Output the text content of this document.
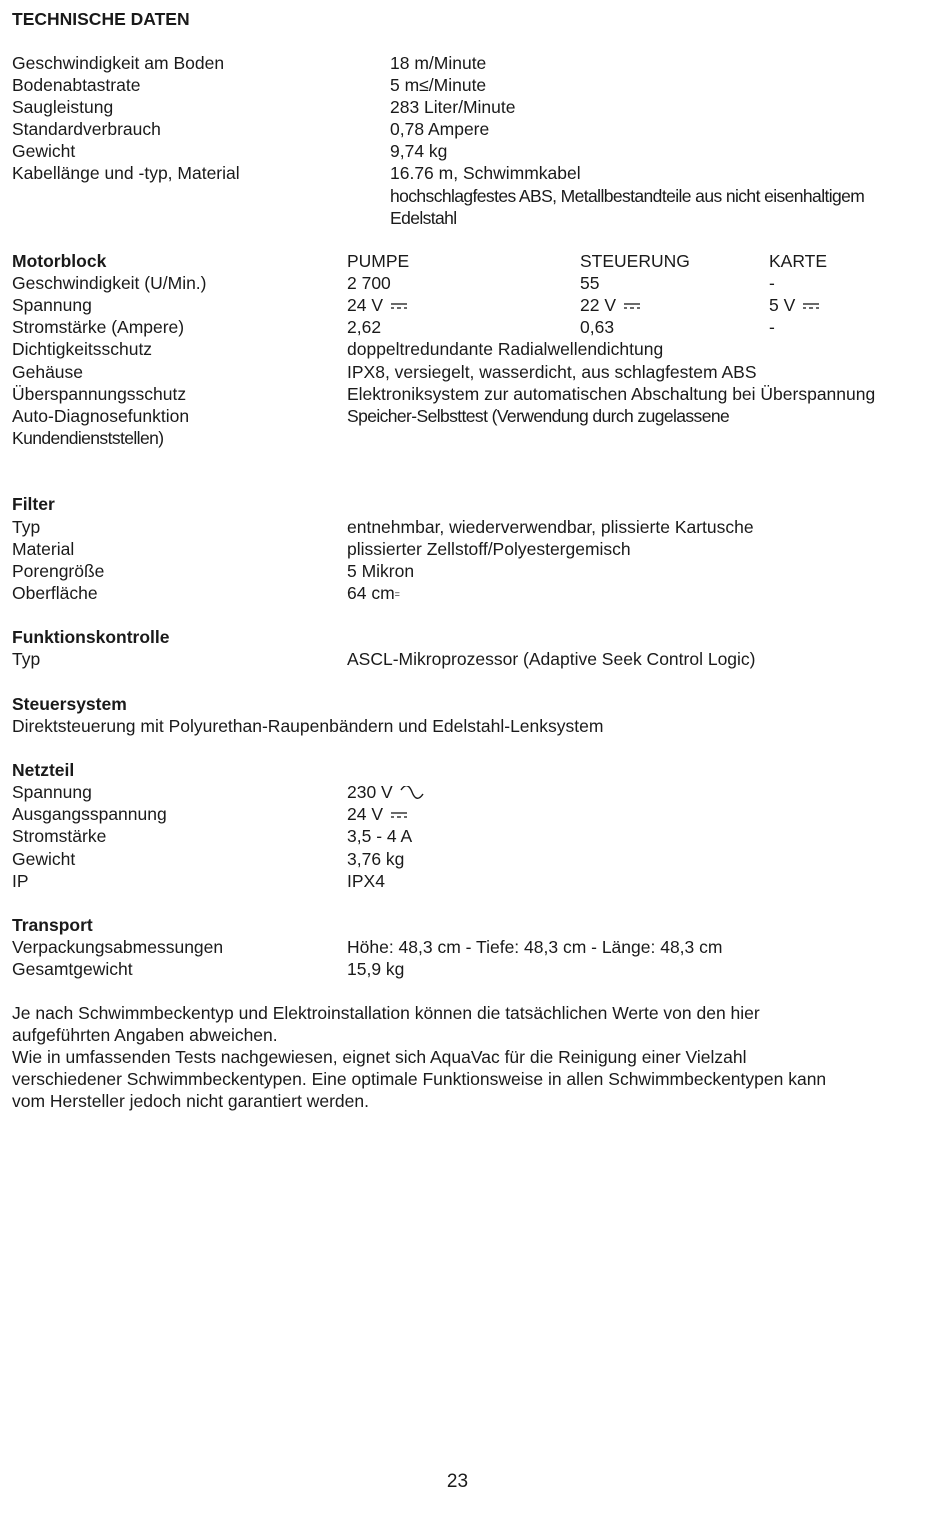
TECHNISCHE DATEN
Geschwindigkeit am Boden	18 m/Minute
Bodenabtastrate	5 m≤/Minute
Saugleistung	283 Liter/Minute
Standardverbrauch	0,78 Ampere
Gewicht	9,74 kg
Kabellänge und -typ, Material	16.76 m, Schwimmkabel
hochschlagfestes ABS, Metallbestandteile aus nicht eisenhaltigem
Edelstahl
Motorblock	PUMPE	STEUERUNG	KARTE
Geschwindigkeit (U/Min.)	2 700	55	-
Spannung	24 V	22 V	5 V
Stromstärke (Ampere)	2,62	0,63	-
Dichtigkeitsschutz	doppeltredundante Radialwellendichtung
Gehäuse	IPX8, versiegelt, wasserdicht, aus schlagfestem ABS
Überspannungsschutz	Elektroniksystem zur automatischen Abschaltung bei Überspannung
Auto-Diagnosefunktion	Speicher-Selbsttest (Verwendung durch zugelassene
Kundendienststellen)
Filter
Typ	entnehmbar, wiederverwendbar, plissierte Kartusche
Material	plissierter Zellstoff/Polyestergemisch
Porengröße	5 Mikron
Oberfläche	64 cm=
Funktionskontrolle
Typ	ASCL-Mikroprozessor (Adaptive Seek Control Logic)
Steuersystem
Direktsteuerung mit Polyurethan-Raupenbändern und Edelstahl-Lenksystem
Netzteil
Spannung	230 V
Ausgangsspannung	24 V
Stromstärke	3,5 - 4 A
Gewicht	3,76 kg
IP	IPX4
Transport
Verpackungsabmessungen	Höhe: 48,3 cm - Tiefe: 48,3 cm - Länge: 48,3 cm
Gesamtgewicht	15,9 kg
Je nach Schwimmbeckentyp und Elektroinstallation können die tatsächlichen Werte von den hier
aufgeführten Angaben abweichen.
Wie in umfassenden Tests nachgewiesen, eignet sich AquaVac für die Reinigung einer Vielzahl
verschiedener Schwimmbeckentypen. Eine optimale Funktionsweise in allen Schwimmbeckentypen kann
vom Hersteller jedoch nicht garantiert werden.
23
